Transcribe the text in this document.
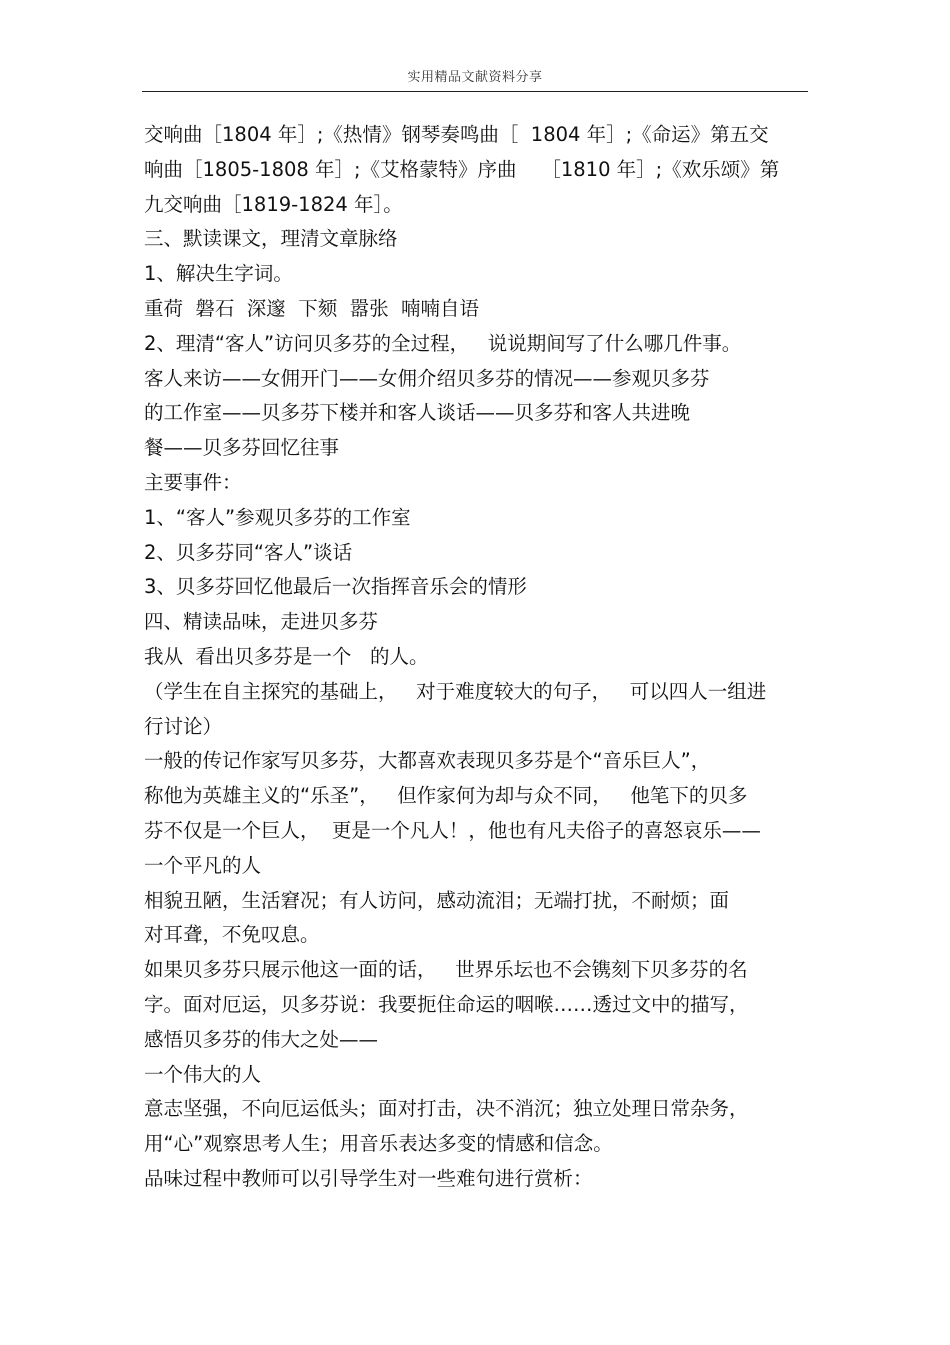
实用精品文献资料分享
交响曲［1804 年］;《热情》钢琴奏鸣曲［  1804 年］;《命运》第五交
响曲［1805-1808 年］;《艾格蒙特》序曲    ［1810 年］;《欢乐颂》第
九交响曲［1819-1824 年］。
三、默读课文，理清文章脉络
1、解决生字词。
重荷  磐石  深邃  下颏  嚣张  喃喃自语
2、理清“客人”访问贝多芬的全过程，   说说期间写了什么哪几件事。
客人来访——女佣开门——女佣介绍贝多芬的情况——参观贝多芬
的工作室——贝多芬下楼并和客人谈话——贝多芬和客人共进晚
餐——贝多芬回忆往事
主要事件：
1、“客人”参观贝多芬的工作室
2、贝多芬同“客人”谈话
3、贝多芬回忆他最后一次指挥音乐会的情形
四、精读品味，走进贝多芬
我从  看出贝多芬是一个   的人。
（学生在自主探究的基础上，   对于难度较大的句子，   可以四人一组进
行讨论）
一般的传记作家写贝多芬，大都喜欢表现贝多芬是个“音乐巨人”，
称他为英雄主义的“乐圣”，   但作家何为却与众不同，   他笔下的贝多
芬不仅是一个巨人，  更是一个凡人！，他也有凡夫俗子的喜怒哀乐——
一个平凡的人
相貌丑陋，生活窘况；有人访问，感动流泪；无端打扰，不耐烦；面
对耳聋，不免叹息。
如果贝多芬只展示他这一面的话，   世界乐坛也不会镌刻下贝多芬的名
字。面对厄运，贝多芬说：我要扼住命运的咽喉……透过文中的描写，
感悟贝多芬的伟大之处——
一个伟大的人
意志坚强，不向厄运低头；面对打击，决不消沉；独立处理日常杂务，
用“心”观察思考人生；用音乐表达多变的情感和信念。
品味过程中教师可以引导学生对一些难句进行赏析：
